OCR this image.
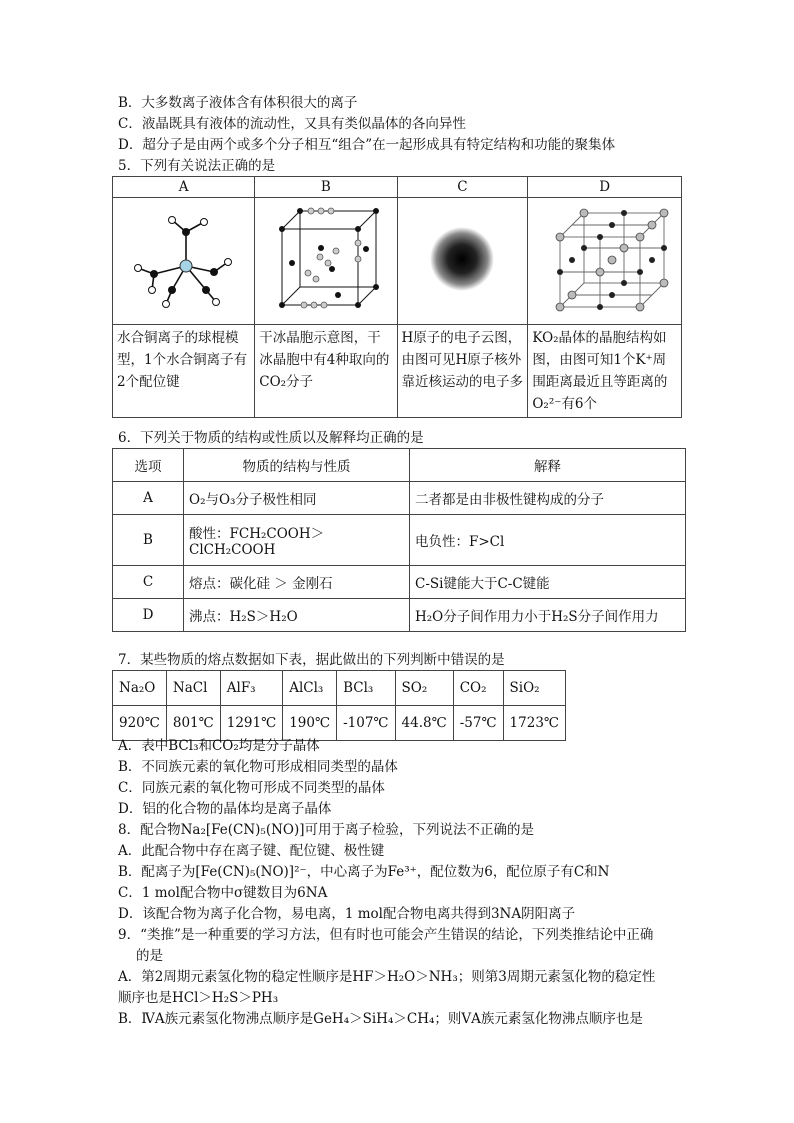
B．大多数离子液体含有体积很大的离子
C．液晶既具有液体的流动性，又具有类似晶体的各向异性
D．超分子是由两个或多个分子相互“组合”在一起形成具有特定结构和功能的聚集体
5．下列有关说法正确的是
A	B	C	D

水合铜离子的球棍模型，1个水合铜离子有2个配位键	干冰晶胞示意图，干冰晶胞中有4种取向的CO₂分子	H原子的电子云图，由图可见H原子核外靠近核运动的电子多	KO₂晶体的晶胞结构如图，由图可知1个K⁺周围距离最近且等距离的O₂²⁻有6个
6．下列关于物质的结构或性质以及解释均正确的是
选项	物质的结构与性质	解释
A	O₂与O₃分子极性相同	二者都是由非极性键构成的分子
B	酸性：FCH₂COOH＞ClCH₂COOH	电负性：F>Cl
C	熔点：碳化硅 ＞ 金刚石	C-Si键能大于C-C键能
D	沸点：H₂S＞H₂O	H₂O分子间作用力小于H₂S分子间作用力
7．某些物质的熔点数据如下表，据此做出的下列判断中错误的是
Na₂O	NaCl	AlF₃	AlCl₃	BCl₃	SO₂	CO₂	SiO₂
920℃	801℃	1291℃	190℃	-107℃	44.8℃	-57℃	1723℃
A．表中BCl₃和CO₂均是分子晶体
B．不同族元素的氧化物可形成相同类型的晶体
C．同族元素的氧化物可形成不同类型的晶体
D．铝的化合物的晶体均是离子晶体
8．配合物Na₂[Fe(CN)₅(NO)]可用于离子检验，下列说法不正确的是
A．此配合物中存在离子键、配位键、极性键
B．配离子为[Fe(CN)₅(NO)]²⁻，中心离子为Fe³⁺，配位数为6，配位原子有C和N
C．1 mol配合物中σ键数目为6NA
D．该配合物为离子化合物，易电离，1 mol配合物电离共得到3NA阴阳离子
9．“类推”是一种重要的学习方法，但有时也可能会产生错误的结论，下列类推结论中正确
的是
A．第2周期元素氢化物的稳定性顺序是HF＞H₂O＞NH₃；则第3周期元素氢化物的稳定性
顺序也是HCl＞H₂S＞PH₃
B．ⅣA族元素氢化物沸点顺序是GeH₄＞SiH₄＞CH₄；则ⅤA族元素氢化物沸点顺序也是
